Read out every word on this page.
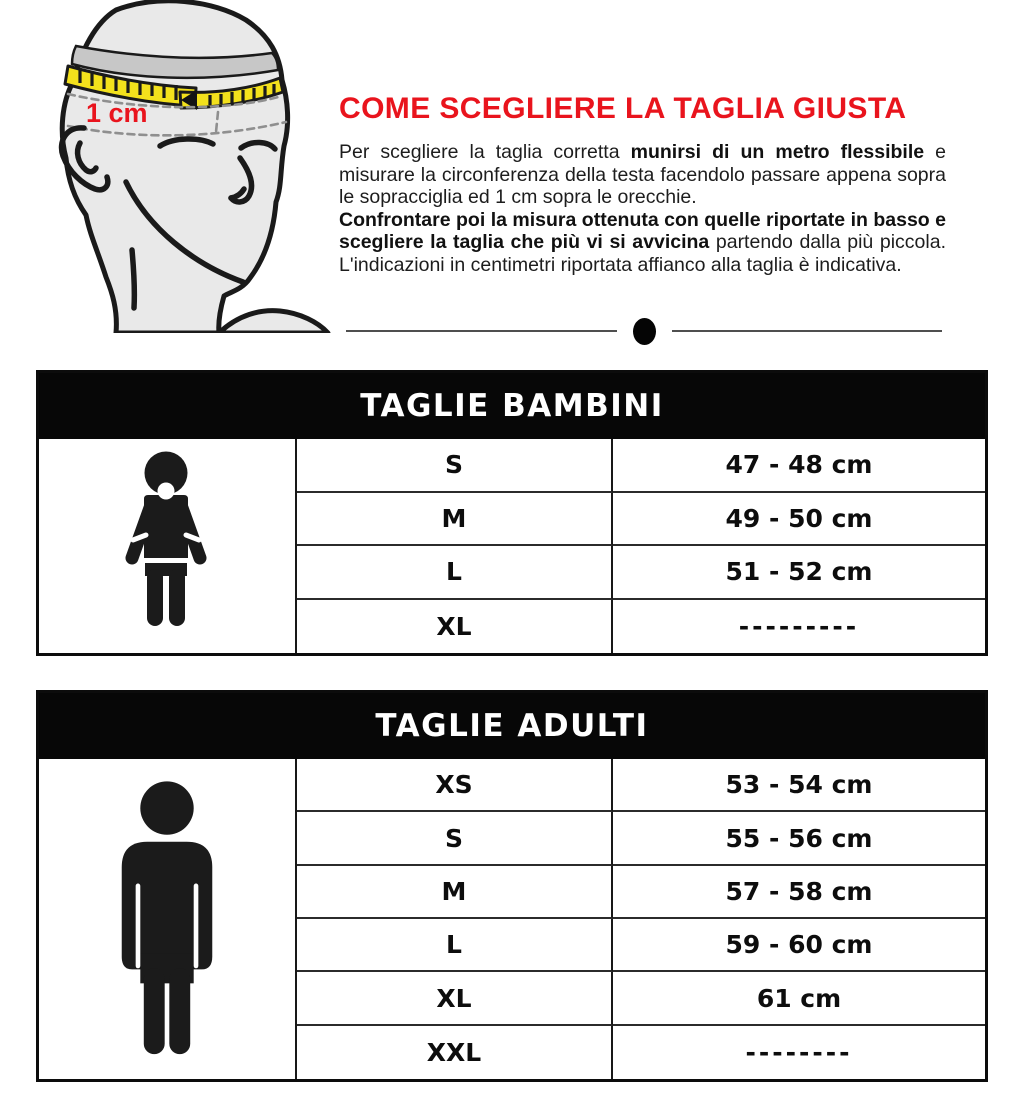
1 cm	COME SCEGLIERE LA TAGLIA GIUSTA

Per scegliere la taglia corretta munirsi di un metro flessibile e misurare la circonferenza della testa facendolo passare appena sopra le sopracciglia ed 1 cm sopra le orecchie.

Confrontare poi la misura ottenuta con quelle riportate in basso e scegliere la taglia che più vi si avvicina partendo dalla più piccola. L'indicazioni in centimetri riportata affianco alla taglia è indicativa.

TAGLIE BAMBINI
S	47 - 48 cm
M	49 - 50 cm
L	51 - 52 cm
XL	---------
TAGLIE ADULTI
XS	53 - 54 cm
S	55 - 56 cm
M	57 - 58 cm
L	59 - 60 cm
XL	61 cm
XXL	--------
